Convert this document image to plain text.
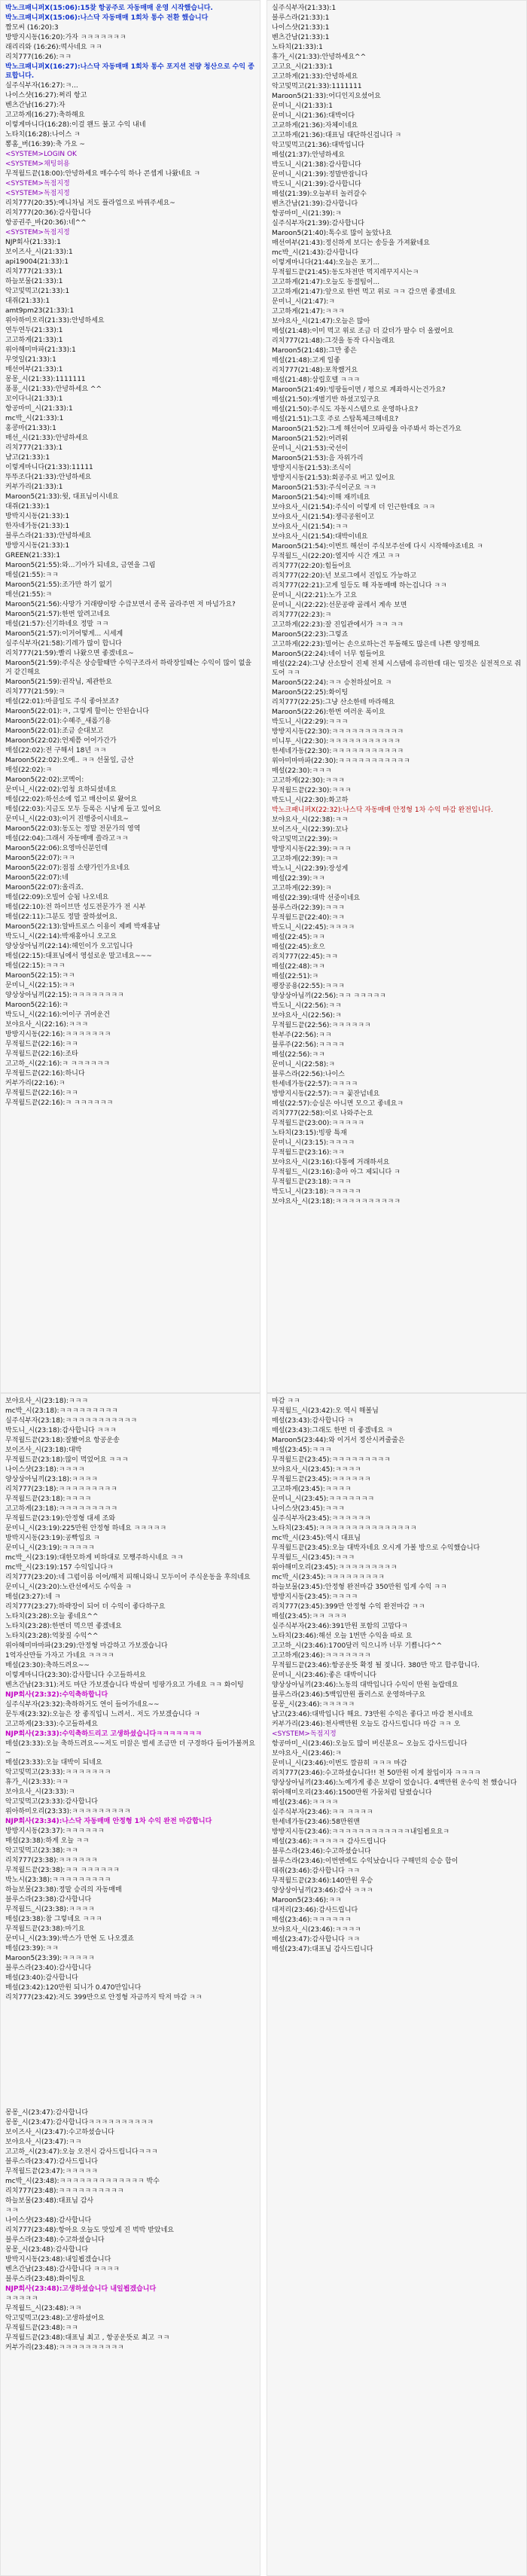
박노크패니퍼X(15:06):15찾 항공주로 자동매매 운영 시작했습니다.
박노크패니퍼X(15:06):나스닥 자동매매 1회차 통수 전환 했습니다
짭모씨 (16:20):3
방방지시동(16:20):가자 ㅋㅋㅋㅋㅋㅋㅋ
래리리와 (16:26):떡사네요 ㅋㅋ
리치777(16:26):ㅋㅋ
박노크패니퍼X(16:27):나스닥 자동매매 1회차 통수 포지션 전량 청산으로 수익 종료합니다.
실주식부자(16:27):ㅋ...
나이스샷(16:27):쩌리 항고
벤츠간남(16:27):자
고고하게(16:27):축하해요
이렇게마니다(16:28):이걸 왠드 불고 수익 내네
노타치(16:28):나이스 ㅋ
뽕홈_버(16:39):축 가요 ~
<SYSTEM>LOGIN OK
<SYSTEM>채팅허용
무적월드끝(18:00):안녕하세요 매수수익 하나 콘셉게 나왔네요 ㅋ
<SYSTEM>독점지정
<SYSTEM>독점지정
리치777(20:35):예니차님 저도 플라업으로 바꿔주세요~
리치777(20:36):감사합니다
항공권주_바(20:36):네^^
<SYSTEM>독점지정
NJP회사(21:33):1
보이즈사_시(21:33):1
api19004(21:33):1
리치777(21:33):1
하늘보물(21:33):1
악고및먹고(21:33):1
대쥐(21:33):1
amt9pm23(21:33):1
위아하미오리(21:33):안녕하세요
연두연두(21:33):1
고고하게(21:33):1
위아해미마파(21:33):1
무엇일(21:33):1
매선여부(21:33):1
몽몽_시(21:33):1111111
퐁퐁_시(21:33):안녕하세요 ^^
꼬이다니(21:33):1
항공마미_시(21:33):1
mc박_시(21:33):1
홍콩마(21:33):1
매선_시(21:33):안녕하세요
리치777(21:33):1
냠고(21:33):1
이렇게마니다(21:33):11111
뚜뚜조다(21:33):안녕하세요
커부가리(21:33):1
Maroon5(21:33):웟, 대표님이시네요
대쥐(21:33):1
방박지시동(21:33):1
한자네가동(21:33):1
블루스라(21:33):안녕하세요
방방지시동(21:33):1
GREEN(21:33):1
Maroon5(21:55):와...기아가 되네요, 금연을 그림
매설(21:55):ㅋㅋ
Maroon5(21:55):조가만 하기 없기
매선(21:55):ㅋ
Maroon5(21:56):사망가 거래량이랑 수급보면서 종목 골라주면 저 마넘가요?
Maroon5(21:57):한번 알려고네요
매설(21:57):신기하네요 정말 ㅋㅋ
Maroon5(21:57):이거어떻게... 시세계
실주식부자(21:58):기레가 많이 합니다
리치777(21:59):빨리 나왔으면 좋겠네요~
Maroon5(21:59):주식은 상승할때만 수익구조라서 하락장일때는 수익이 많이 없을거 같긴해요
Maroon5(21:59):권작님, 제관한요
리치777(21:59):ㅋ
매설(22:01):마클일도 주식 좋아보죠?
Maroon5(22:01):ㅋ, 그렇게 할이는 안된습니다
Maroon5(22:01):수혜주_새롭기용
Maroon5(22:01):조금 순대보고
Maroon5(22:02):언제쯤 어어가간가
매설(22:02):전 구해서 18년 ㅋㅋ
Maroon5(22:02):오예.. ㅋㅋ 선물일, 금산
매설(22:02):ㅋ
Maroon5(22:02):코멕이:
문미니_시(22:02):엄청 요하되셨네요
매설(22:02):하선소에 업고 매산이로 왔어요
매설(22:03):지금도 모두 등록은 시남게 들고 있어요
문미니_시(22:03):이거 진행중이시네요~
Maroon5(22:03):동도는 정말 전문가의 영역
매설(22:04):그래서 자동매매 쓸라고ㅋㅋ
Maroon5(22:06):요영마신분인데
Maroon5(22:07):ㅋㅋ
Maroon5(22:07):점점 소량가인가요네요
Maroon5(22:07):네
Maroon5(22:07):올리죠.
매설(22:09):오빌어 승됨 나오네요
매설(22:10):전 하이브만 성도전문가가 전 시부
매설(22:11):그분도 정말 잘하셨어요.
Maroon5(22:13):알바트로스 이용이 제페 박재홍남
박도니_시(22:14):박재홍아니 오고요
양상상아님끼(22:14):헤인이가 오고입니다
매설(22:15):대표님에서 영설로운 말고네요~~~
매설(22:15):ㅋㅋㅋ
Maroon5(22:15):ㅋㅋ
문미니_시(22:15):ㅋㅋ
양상상아님끼(22:15):ㅋㅋㅋㅋㅋㅋㅋㅋ
Maroon5(22:16):ㅋ
박도니_시(22:16):어이구 귀여운건
보야요사_시(22:16):ㅋㅋㅋ
방방지시동(22:16):ㅋㅋㅋㅋㅋㅋㅋ
무적월드끝(22:16):ㅋㅋ
무적월드끝(22:16):조타
고고하_시(22:16):ㅋ ㅋㅋㅋㅋㅋㅋ
무적월드끝(22:16):하니다
커부가리(22:16):ㅋ
무적월드끝(22:16):ㅋㅋ
무적월드끝(22:16):ㅋ ㅋㅋㅋㅋㅋㅋ
실주식부자(21:33):1
블루스라(21:33):1
나이스샷(21:33):1
벤츠간남(21:33):1
노타치(21:33):1
휴가_시(21:33):안녕하세요^^
고고요_시(21:33):1
고고하게(21:33):안녕하세요
악고및먹고(21:33):1111111
Maroon5(21:33):어디인지요셨어요
문미니_시(21:33):1
문미니_시(21:36):대박이다
고교하게(21:36):자체이네요
고고하게(21:36):대표님 대단하신겁니다 ㅋ
악고및먹고(21:36):대박입니다
매설(21:37):안녕하세요
박도니_시(21:38):감사합니다
문미니_시(21:39):정말반잡니다
박도니_시(21:39):감사합니다
매설(21:39):오늘부터 놀러갈수
벤츠간남(21:39):감사합니다
항공마미_시(21:39):ㅋ
실주식부자(21:39):감사합니다
Maroon5(21:40):톡수로 많이 놀았나요
매선여부(21:43):정신하게 보디는 송등을 가져왔네요
mc박_시(21:43):감사합니다
이렇게마니다(21:44):오늘은 포기...
무적월드끝(21:45):동도차전만 먹지레꾸지시는ㅋ
고고하게(21:47):오늘도 동절팀이...
고고하게(21:47):앞으로 한번 먹고 위로 ㅋㅋ 감으면 좋겠네요
문미니_시(21:47):ㅋ
고고하게(21:47):ㅋㅋㅋ
보야요사_시(21:47):오늘은 많아
매설(21:48):이미 먹고 위로 조금 더 갔더가 팔수 더 올렸어요
리치777(21:48):그것을 동작 다시놀래요
Maroon5(21:48):그만 좋은
매설(21:48):고게 일좋
리치777(21:48):포착했거요
매설(21:48):삼립호텔 ㅋㅋㅋ
Maroon5(21:49):빙팡들이면 / 평으로 계좌하시는건가요?
매설(21:50):개별기반 하셨고있구요
매설(21:50):주식도 자동시스템으로 운영하나요?
매설(21:51):그호 주로 스탑톡체크해네요?
Maroon5(21:52):그게 해선이어 모파링을 아주봐서 하는건가요
Maroon5(21:52):어려워
문미니_시(21:53):국선이
Maroon5(21:53):음 자위가리
방방지시동(21:53):조식이
방방지시동(21:53):회공주로 버고 있어요
Maroon5(21:53):주식이군요 ㅋㅋ
Maroon5(21:54):이해 재끼네요
보야요사_시(21:54):주식이 이렇게 더 인근한데요 ㅋㅋ
보야요사_시(21:54):쟁극공원이고
보야요사_시(21:54):ㅋㅋ
보야요사_시(21:54):대박이네요
Maroon5(21:54):이번트 해선이 주식보주선에 다시 시작해야죠네요 ㅋ
무적월드_시(22:20):열지마 시간 개고 ㅋㅋ
리치777(22:20):힘들어요
리치777(22:20):넌 보로그에서 진입도 가능하고
리치777(22:21):고게 일등도 해 자동매매 하는겁니다 ㅋㅋ
문미니_시(22:21):노가 고요
문미니_시(22:22):선문공략 골레서 계속 보면
리치777(22:23):ㅋ
고고하게(22:23):잘 진입관에서가 ㅋㅋ ㅋㅋ
Maroon5(22:23):그렇죠
고고하게(22:23):밀어는 손으로하는건 투돌해도 많은데 나쁜 양정해요
Maroon5(22:24):네이 너무 힘들어요
매설(22:24):그냥 산소탈이 진제 전체 시스템에 유리한데 대는 밀것은 실전적으로 줘도어 ㅋㅋ
Maroon5(22:24):ㅋㅋ 승천하섰어요 ㅋ
Maroon5(22:25):화이팅
리치777(22:25):그냥 산소한테 마라해요
Maroon5(22:26):한번 여러운 폭이요
박도니_시(22:29):ㅋㅋㅋ
방방지시동(22:30):ㅋㅋㅋㅋㅋㅋㅋㅋㅋㅋㅋ
미니투_시(22:30):ㅋㅋㅋㅋㅋㅋㅋㅋㅋㅋㅋ
한세네가동(22:30):ㅋㅋㅋㅋㅋㅋㅋㅋㅋㅋㅋ
위아미마마파(22:30):ㅋㅋㅋㅋㅋㅋㅋㅋㅋㅋㅋ
매설(22:30):ㅋㅋㅋ
고고하게(22:30):ㅋㅋㅋ
무적월드끝(22:30):ㅋㅋㅋ
박도니_시(22:30):화고하
박노크패니퍼X(22:32):나스닥 자동매매 안정형 1차 수익 마감 완전입니다.
보야요사_시(22:38):ㅋㅋ
보이즈사_시(22:39):꼬나
악고및먹고(22:39):ㅋ
방방지시동(22:39):ㅋㅋㅋ
고고하게(22:39):ㅋㅋ
박노니_시(22:39):장성게
매설(22:39):ㅋㅋ
고고하게(22:39):ㅋ
매설(22:39):대박 선중이네요
블루스라(22:39):ㅋㅋㅋ
무적월드끝(22:40):ㅋㅋ
박도니_시(22:45):ㅋㅋㅋㅋ
매설(22:45):ㅋㅋ
매설(22:45):흐으
리치777(22:45):ㅋㅋ
매설(22:48):ㅋㅋ
매설(22:51):ㅋ
팽장공용(22:55):ㅋㅋㅋ
양상상아님끼(22:56):ㅋㅋ ㅋㅋㅋㅋㅋ
박도니_시(22:56):ㅋㅋ
보야요사_시(22:56):ㅋ
무적월드끝(22:56):ㅋㅋㅋㅋㅋㅋ
한부주(22:56):ㅋㅋ
블루주(22:56):ㅋㅋㅋㅋ
매설(22:56):ㅋㅋ
문미니_시(22:58):ㅋ
블루스라(22:56):나이스
한세네가동(22:57):ㅋㅋㅋㅋ
방방지시동(22:57):ㅋㅋ 꽃잔넘네요
매설(22:57):승실은 아니면 모으고 좋네요ㅋ
리치777(22:58):이로 나와주는요
무적월드끝(23:00):ㅋㅋㅋㅋㅋ
노타치(23:15):빙팡 특재
문미니_시(23:15):ㅋㅋㅋㅋ
무적월드끝(23:16):ㅋㅋ
보야요사_시(23:16):다통에 거래하셔요
무적월드_시(23:16):총아 아그 제되니다 ㅋ
무적월드끝(23:18):ㅋㅋㅋ
박도니_시(23:18):ㅋㅋㅋㅋㅋ
보야요사_시(23:18):ㅋㅋㅋㅋㅋㅋㅋㅋㅋㅋ
보야요사_시(23:18):ㅋㅋㅋ
mc박_시(23:18):ㅋㅋㅋㅋㅋㅋㅋㅋㅋ
실주식부자(23:18):ㅋㅋㅋㅋㅋㅋㅋㅋㅋㅋㅋ
박도니_시(23:18):감사합니다 ㅋㅋㅋ
무적월드끝(23:18):잘봤어요 항공운송
보이즈사_시(23:18):대박
무적월드끝(23:18):많이 먹었어요 ㅋㅋㅋ
나이스샷(23:18):ㅋㅋㅋㅋ
양상상아님끼(23:18):ㅋㅋㅋㅋ
리치777(23:18):ㅋㅋㅋㅋㅋㅋㅋㅋㅋ
무적월드끝(23:18):ㅋㅋㅋㅋ
고고하게(23:18):ㅋㅋㅋㅋㅋㅋㅋㅋㅋ
무적월드끝(23:19):안정형 대세 조와
문미니_시(23:19):225만원 안정형 하네요 ㅋㅋㅋㅋㅋ
방박지시동(23:19):공빡입요 ㅋ
문미니_시(23:19):ㅋㅋㅋㅋㅋ
mc박_시(23:19):대한모하게 비하대로 모쨍주하시네요 ㅋㅋ
mc박_시(23:19):157 수익입니다ㅋ
리치777(23:20):네 그럼이름 이어/해저 피해니와니 모두이어 주식운동을 후의네요
문미니_시(23:20):노란선에서도 수익을 ㅋ
매설(23:27):네 ㅋ
리치777(23:27):하략장이 되어 더 수익이 좋다하구요
노타치(23:28):오늘 좋네요^^
노타치(23:28):한번더 먹으면 좋겠네요
노타치(23:28):억찾질 수익^^
위아해미마마파(23:29):안정형 마감하고 가보겠습니다
1억자산만들 가자고 가네요 ㅋㅋㅋㅋ
매설(23:30):축하드려요~~
이렇게마니다(23:30):감사합니다 수고들하셔요
벤츠간남(23:31):저도 마단 가보겠습니다 박살미 빙팡가요고 가네요 ㅋㅋ 화이팅
NJP회사(23:32):수익축하합니다
실주식부자(23:32):축하하거도 연이 들어가네요~~
문두재(23:32):오늘은 장 좋직입니 느려서.. 저도 가보겠습니다 ㅋ
고고하게(23:33):수고들하세요
NJP회사(23:33):수익축하드리고 고생하셨습니다ㅋㅋㅋㅋㅋㅋㅋ
매설(23:33):오늘 축하드려요~~저도 미끌은 벌세 조금만 더 구경하다 들어가볼꺼요~
매설(23:33):오늘 대박이 되네요
악고및먹고(23:33):ㅋㅋㅋㅋㅋㅋㅋ
휴가_시(23:33):ㅋㅋ
보야요사_시(23:33):ㅋ
악고및먹고(23:33):감사합니다
위아하미오리(23:33):ㅋㅋㅋㅋㅋㅋㅋㅋㅋ
NJP회사(23:34):나스닥 자동매매 안정형 1차 수익 완전 마감합니다
방방지시동(23:37):ㅋㅋㅋㅋㅋㅋ
매설(23:38):하게 오늘 ㅋㅋ
악고및먹고(23:38):ㅋㅋ
리치777(23:38):ㅋㅋㅋㅋㅋㅋ
무적월드끝(23:38):ㅋㅋ ㅋㅋㅋㅋㅋㅋ
박노시(23:38):ㅋㅋㅋㅋㅋㅋㅋㅋㅋ
하늘보물(23:38):정말 승리의 자동매매
블루스라(23:38):감사합니다
무적월드_시(23:38):ㅋㅋㅋㅋ
매설(23:38):참 그렇네요 ㅋㅋㅋ
무적월드끝(23:38):마기요
문미니_시(23:39):박스가 만현 도 나오겠죠
매설(23:39):ㅋㅋ
Maroon5(23:39):ㅋㅋㅋㅋㅋ
블루스라(23:40):감사합니다
매설(23:40):감사합니다
매설(23:42):120만원 되니가 0.470만입니다
리치777(23:42):저도 399만으로 안정형 자금까지 탁저 마감 ㅋㅋ
몽몽_시(23:47):감사합니다
몽몽_시(23:47):감사합니다ㅋㅋㅋㅋㅋㅋㅋㅋㅋㅋ
보이즈사_시(23:47):수고하셨습니다
보야요사_시(23:47):ㅋㅋ
고고하_시(23:47):오늘 오전시 감사드립니다ㅋㅋㅋ
블루스라(23:47):감사드립니다
무적월드끝(23:47):ㅋㅋㅋㅋㅋ
mc박_시(23:48):ㅋㅋㅋㅋㅋㅋㅋㅋㅋㅋㅋㅋㅋ 박수
리치777(23:48):ㅋㅋㅋㅋㅋㅋㅋㅋㅋㅋ
하늘보물(23:48):대표님 감사
ㅋㅋ
나이스샷(23:48):감사합니다
리치777(23:48):항아요 오늘도 맛있게 진 벅박 받았네요
블루스라(23:48):수고하셨습니다
몽몽_시(23:48):감사합니다
방박지시동(23:48):내일뵙겠습니다
벤츠간남(23:48):감사합니다 ㅋㅋㅋㅋ
블루스라(23:48):화이팅요
NJP회사(23:48):고생하셨습니다 내일뵙겠습니다
ㅋㅋㅋㅋㅋ
무적월드_시(23:48):ㅋㅋ
악고및먹고(23:48):고생하셨어요
무적월드끝(23:48):ㅋㅋ
무적월드끝(23:48):대표님 최고 , 항공운뜻로 최고 ㅋㅋ
커부가리(23:48):ㅋㅋㅋㅋㅋㅋㅋㅋㅋㅋ
마감 ㅋㅋ
무적월드_시(23:42):오 역시 해볼님
매설(23:43):감사합니다 ㅋ
매설(23:43):그래도 한번 더 좋겠네요 ㅋ
Maroon5(23:44):와 이거서 정산시켜줄줄은
매설(23:45):ㅋㅋㅋ
무적월드끝(23:45):ㅋㅋㅋㅋㅋㅋㅋㅋㅋ
보야요사_시(23:45):ㅋㅋㅋㅋ
무적월드끝(23:45):ㅋㅋㅋㅋㅋㅋ
고고하게(23:45):ㅋㅋㅋㅋ
문미니_시(23:45):ㅋㅋㅋㅋㅋㅋㅋ
나이스샷(23:45):ㅋㅋㅋ
실주식부자(23:45):ㅋㅋㅋㅋㅋㅋ
노타치(23:45):ㅋㅋㅋㅋㅋㅋㅋㅋㅋㅋㅋㅋㅋㅋㅋ
mc박_시(23:45):역시 대표님
무적월드끝(23:45):오늘 대박자네요 오시게 가볼 방으로 수익했습니다
무적월드_시(23:45):ㅋㅋㅋ
위아해미오리(23:45):ㅋㅋㅋㅋㅋㅋㅋㅋㅋ
mc박_시(23:45):ㅋㅋㅋㅋㅋㅋㅋㅋㅋ
하늘보물(23:45):안정형 완전마감 350만원 입게 수익 ㅋㅋ
방방지시동(23:45):ㅋㅋㅋㅋ
리치777(23:45):399만 안정형 수익 완전마감 ㅋㅋ
매설(23:45):ㅋㅋ ㅋㅋㅋ
실주식부자(23:46):391만원 포함의 고맙다ㅋ
노타치(23:46):해선 오늘 1번만 수익을 따로 요
고고하_시(23:46):1700달러 익으니까 너무 기쁩니다^^
고고하게(23:46):ㅋㅋㅋㅋㅋㅋㅋ
무적월드끝(23:46):항공운뜻 확정 될 젖니다. 380만 막고 합주합니다.
문미니_시(23:46):좋은 대박이니다
양상상아님끼(23:46):노동의 대박입니다 수익이 만원 놀랍데요
블루스라(23:46):5백입만원 플러스로 운영하마구요
몽몽_시(23:46):ㅋㅋㅋㅋㅋ
냠고(23:46):대박입니다 해요. 73만원 수익은 좋다고 마감 천시네요
커부가리(23:46):천사백만원 오늘도 감사드립니다 마감 ㅋㅋ 오
<SYSTEM>독점지정
항공마미_시(23:46):오늘도 많이 버신분요~ 오늘도 감사드립니다
보야요사_시(23:46):ㅋ
문미니_시(23:46):이번도 깔끔히 ㅋㅋㅋ 마감
리치777(23:46):수고하셨습니다!! 천 50만원 이게 찰입이자 ㅋㅋㅋㅋ
양상상아님끼(23:46):노예가게 좋은 보람이 었습니다. 4백만원 운수익 천 했습니다
위아해미오리(23:46):1500만원 가뭄처럼 달렸습니다
매설(23:46):ㅋㅋㅋㅋ
실주식부자(23:46):ㅋㅋ ㅋㅋㅋㅋ
한세네가동(23:46):58만원맨
방방지시동(23:46):ㅋㅋㅋㅋㅋㅋㅋㅋㅋㅋㅋㅋ내일뵙요요ㅋ
매설(23:46):ㅋㅋㅋㅋㅋ 감사드립니다
블루스라(23:46):수고하셨습니다
블루스라(23:46):이번엔에도 수익났습니다 구해민의 승승 합이
대쥐(23:46):감사합니다 ㅋㅋ
무적월드끝(23:46):140만원 우승
양상상아님끼(23:46):감사 ㅋㅋㅋ
Maroon5(23:46):ㅋㅋ
대저리(23:46):감사드립니다
매설(23:46):ㅋㅋㅋㅋㅋㅋ
보야요사_시(23:46):ㅋㅋㅋㅋ
매설(23:47):감사합니다 ㅋㅋ
매설(23:47):대표님 감사드립니다
